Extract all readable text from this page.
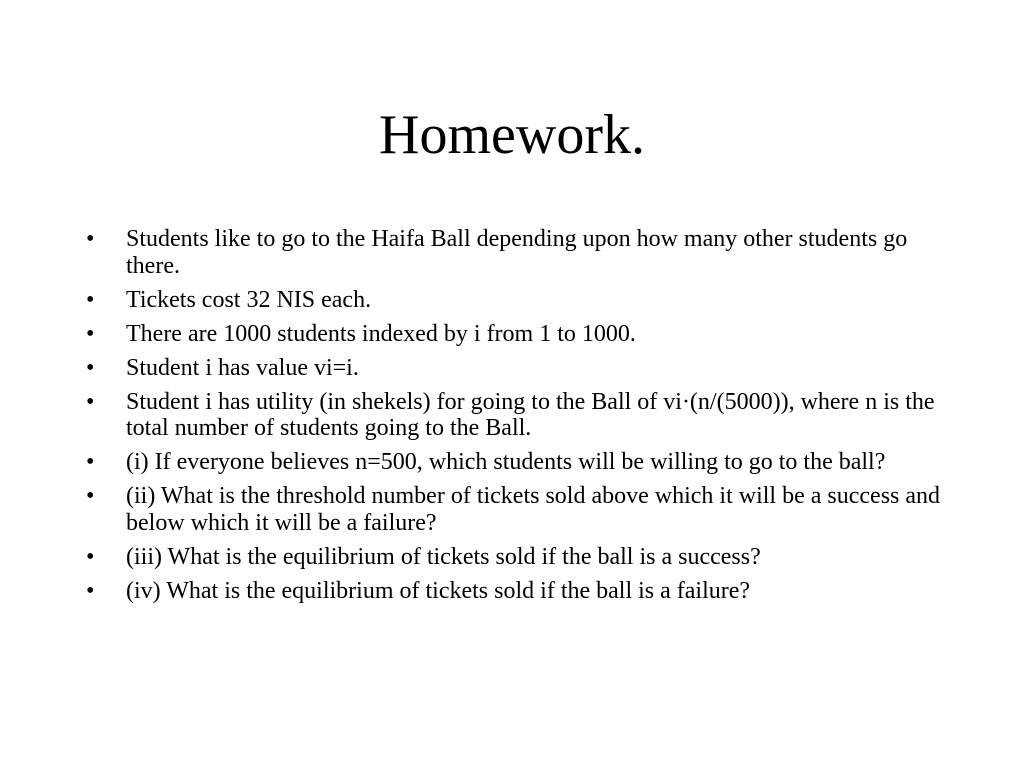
Homework.
•	Students like to go to the Haifa Ball depending upon how many other students go there.
•	Tickets cost 32 NIS each.
•	There are 1000 students indexed by i from 1 to 1000.
•	Student i has value vi=i.
•	Student i has utility (in shekels) for going to the Ball of vi·(n/(5000)), where n is the total number of students going to the Ball.
•	(i) If everyone believes n=500, which students will be willing to go to the ball?
•	(ii) What is the threshold number of tickets sold above which it will be a success and below which it will be a failure?
•	(iii) What is the equilibrium of tickets sold if the ball is a success?
•	(iv) What is the equilibrium of tickets sold if the ball is a failure?
